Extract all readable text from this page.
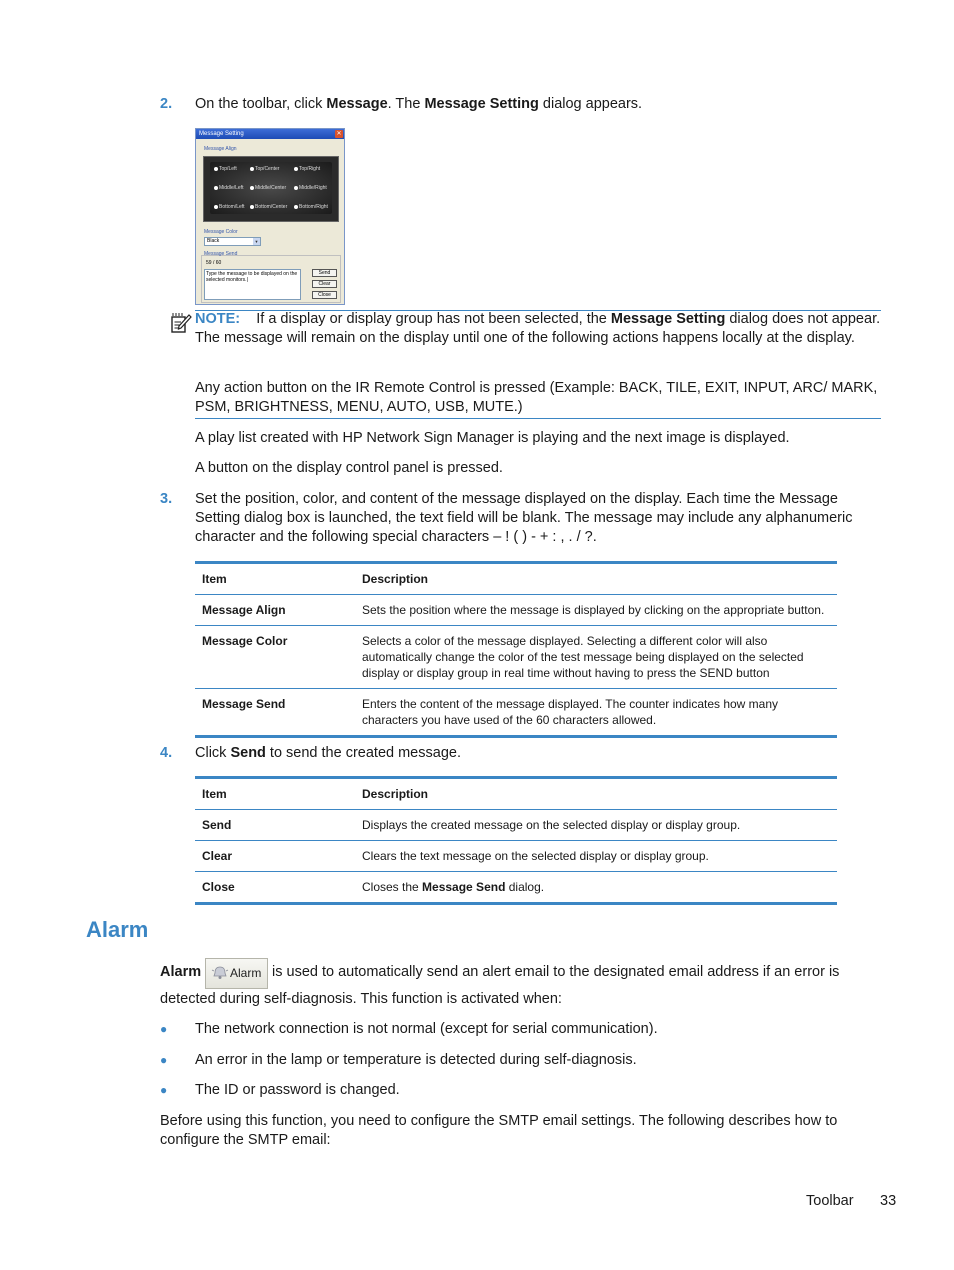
2. On the toolbar, click Message. The Message Setting dialog appears.
Message Setting	✕
Message Align
Top/Left	Top/Center	Top/Right
Middle/Left	Middle/Center	Middle/Right
Bottom/Left	Bottom/Center	Bottom/Right
Message Color
Black	▼
Message Send
59 / 60
Type the message to be displayed on the selected monitors.|
Send
Clear
Close
NOTE: If a display or display group has not been selected, the Message Setting dialog does not appear. The message will remain on the display until one of the following actions happens locally at the display.
Any action button on the IR Remote Control is pressed (Example: BACK, TILE, EXIT, INPUT, ARC/ MARK, PSM, BRIGHTNESS, MENU, AUTO, USB, MUTE.)
A play list created with HP Network Sign Manager is playing and the next image is displayed.
A button on the display control panel is pressed.
3. Set the position, color, and content of the message displayed on the display. Each time the Message Setting dialog box is launched, the text field will be blank. The message may include any alphanumeric character and the following special characters – ! ( ) - + : , . / ?.
Item	Description
Message Align	Sets the position where the message is displayed by clicking on the appropriate button.
Message Color	Selects a color of the message displayed. Selecting a different color will also automatically change the color of the test message being displayed on the selected display or display group in real time without having to press the SEND button
Message Send	Enters the content of the message displayed. The counter indicates how many characters you have used of the 60 characters allowed.
4. Click Send to send the created message.
Item	Description
Send	Displays the created message on the selected display or display group.
Clear	Clears the text message on the selected display or display group.
Close	Closes the Message Send dialog.
Alarm
Alarm Alarm is used to automatically send an alert email to the designated email address if an error is
detected during self-diagnosis. This function is activated when:
● The network connection is not normal (except for serial communication).
● An error in the lamp or temperature is detected during self-diagnosis.
● The ID or password is changed.
Before using this function, you need to configure the SMTP email settings. The following describes how to configure the SMTP email:
Toolbar 33
